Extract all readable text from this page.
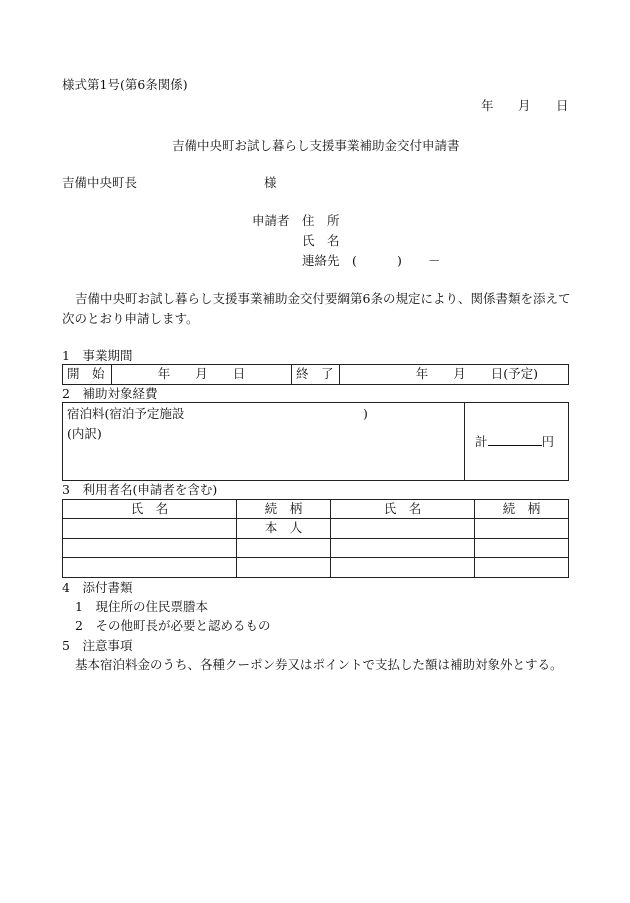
様式第1号(第6条関係)
年 月 日
吉備中央町お試し暮らし支援事業補助金交付申請書
吉備中央町長	様
申請者 住　所
氏　名
連絡先 (	) －
吉備中央町お試し暮らし支援事業補助金交付要綱第6条の規定により、関係書類を添えて
次のとおり申請します。
1　事業期間
開　始	年　　月　　日	終　了	年　　月　　日(予定)
2　補助対象経費
宿泊料(宿泊予定施設	)
(内訳)
	計	円
3　利用者名(申請者を含む)
氏　名	続　柄	氏　名	続　柄
	本　人		

4　添付書類
1　現住所の住民票謄本
2　その他町長が必要と認めるもの
5　注意事項
基本宿泊料金のうち、各種クーポン券又はポイントで支払した額は補助対象外とする。
